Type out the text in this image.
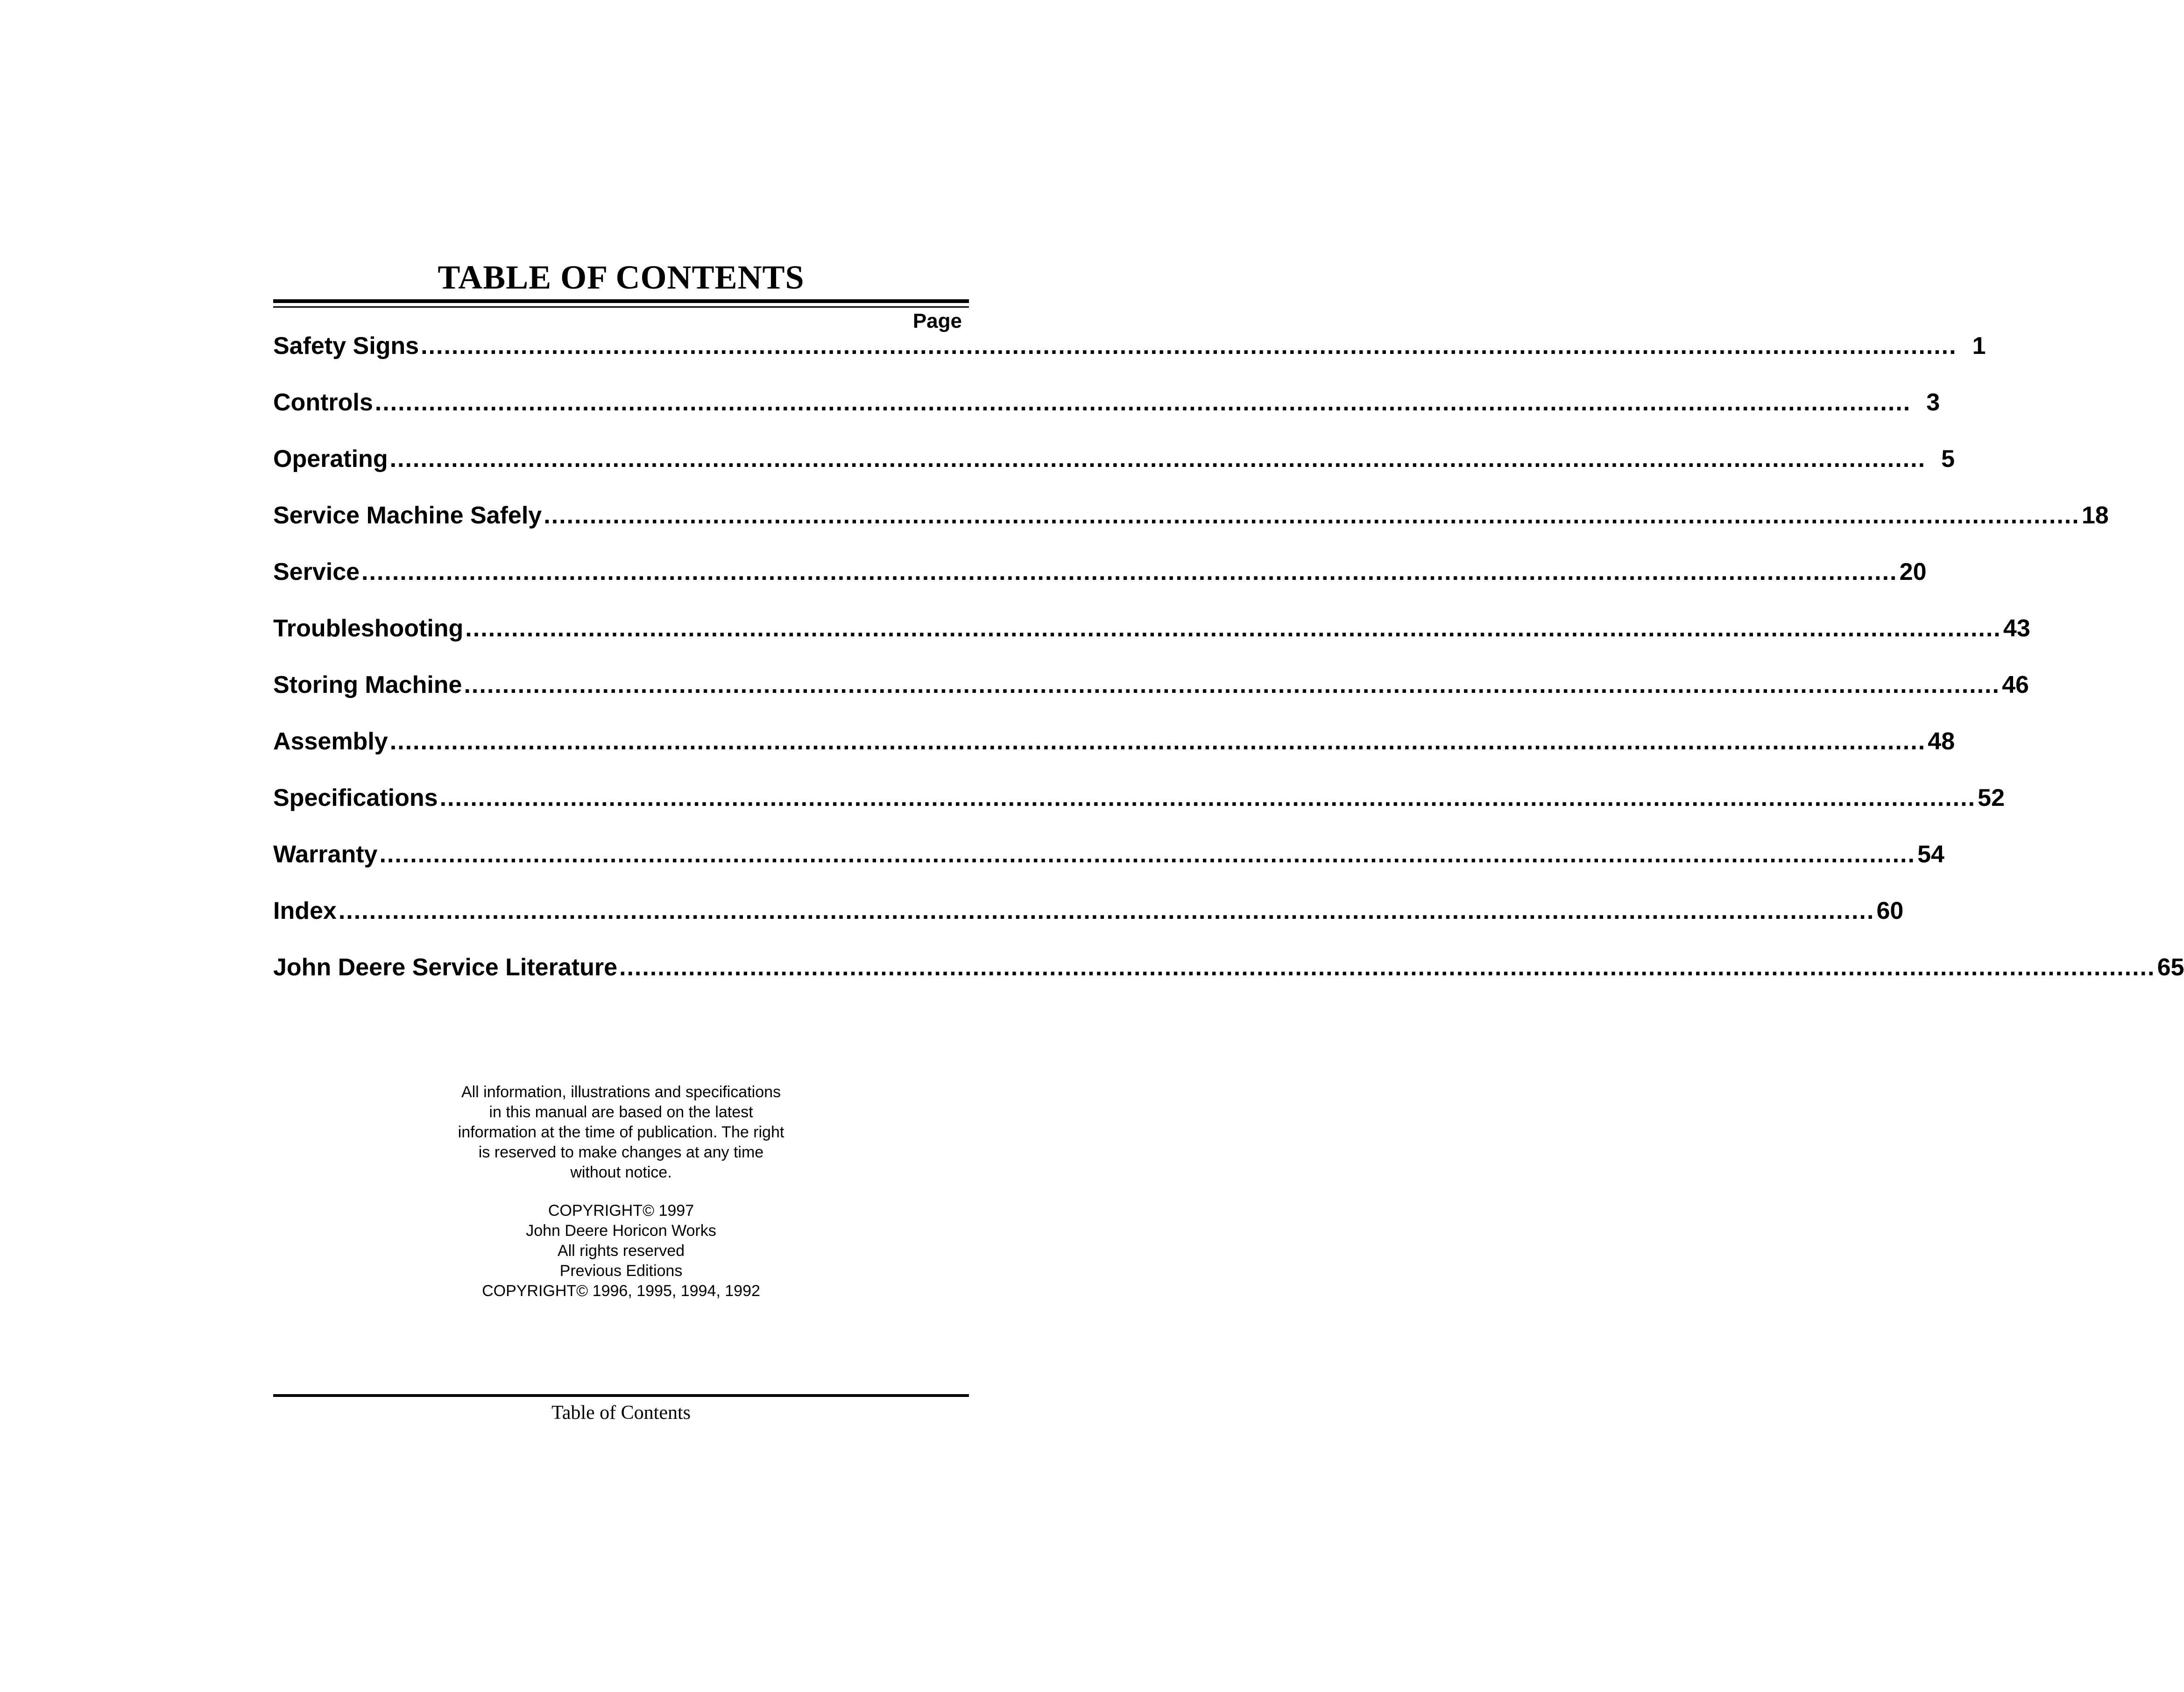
TABLE OF CONTENTS
Page
Safety Signs ........................................................................................................................................................................................................ 1
Controls ........................................................................................................................................................................................................ 3
Operating ........................................................................................................................................................................................................ 5
Service Machine Safely ........................................................................................................................................................................................................ 18
Service ........................................................................................................................................................................................................ 20
Troubleshooting ........................................................................................................................................................................................................ 43
Storing Machine ........................................................................................................................................................................................................ 46
Assembly ........................................................................................................................................................................................................ 48
Specifications ........................................................................................................................................................................................................ 52
Warranty ........................................................................................................................................................................................................ 54
Index ........................................................................................................................................................................................................ 60
John Deere Service Literature ........................................................................................................................................................................................................ 65

All information, illustrations and specifications in this manual are based on the latest information at the time of publication. The right is reserved to make changes at any time without notice.

COPYRIGHT© 1997
John Deere Horicon Works
All rights reserved
Previous Editions
COPYRIGHT© 1996, 1995, 1994, 1992
Table of Contents
